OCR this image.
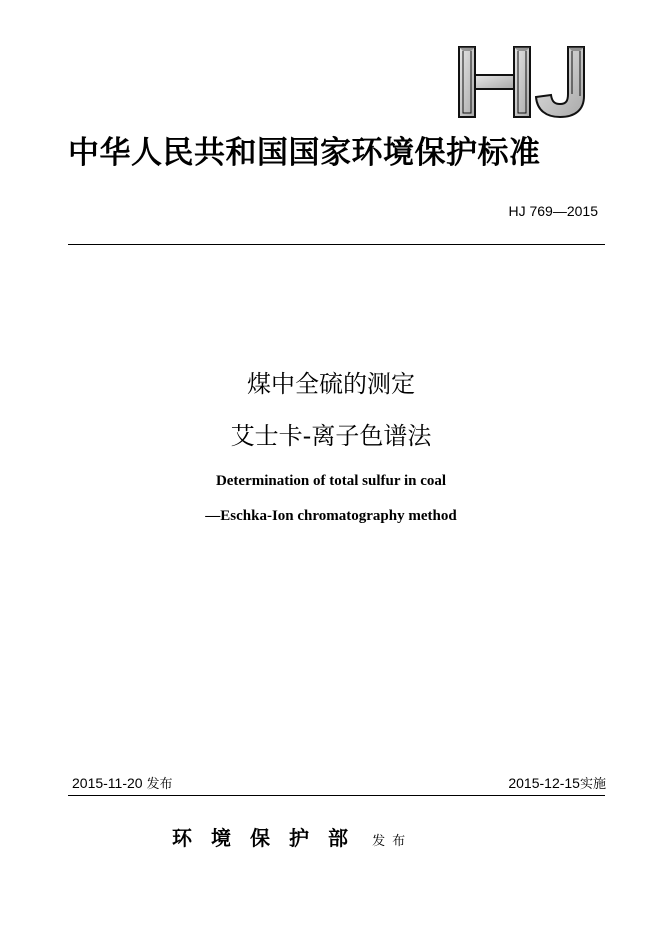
中华人民共和国国家环境保护标准
HJ 769—2015
煤中全硫的测定
艾士卡-离子色谱法
Determination of total sulfur in coal
—Eschka-Ion chromatography method
2015-11-20 发布	2015-12-15实施
环境保护部 发布
